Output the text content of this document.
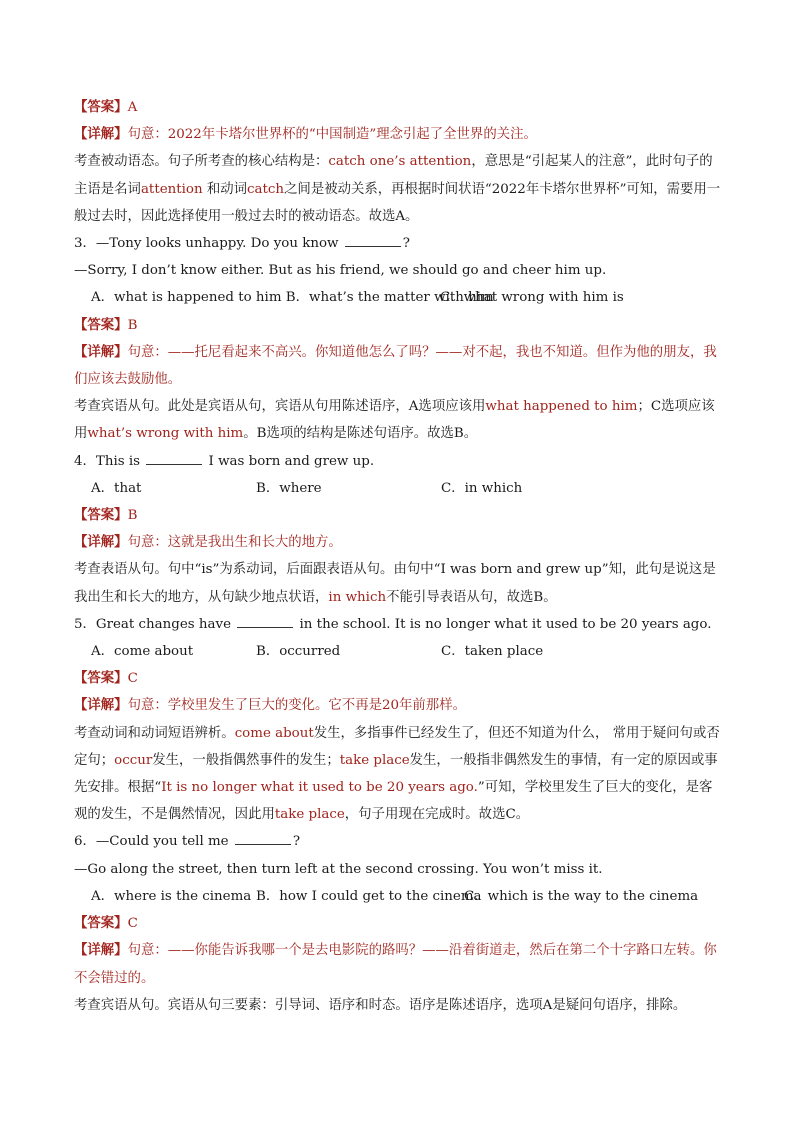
【答案】A
【详解】句意：2022年卡塔尔世界杯的“中国制造”理念引起了全世界的关注。
考查被动语态。句子所考查的核心结构是：catch one’s attention，意思是“引起某人的注意”，此时句子的主语是名词attention 和动词catch之间是被动关系，再根据时间状语“2022年卡塔尔世界杯”可知，需要用一般过去时，因此选择使用一般过去时的被动语态。故选A。
3．—Tony looks unhappy. Do you know	?
—Sorry, I don’t know either. But as his friend, we should go and cheer him up.
A．what is happened to him B．what’s the matter with him
C．what wrong with him is
【答案】B
【详解】句意：——托尼看起来不高兴。你知道他怎么了吗？——对不起，我也不知道。但作为他的朋友，我们应该去鼓励他。
考查宾语从句。此处是宾语从句，宾语从句用陈述语序，A选项应该用what happened to him；C选项应该用what’s wrong with him。B选项的结构是陈述句语序。故选B。
4．This is	I was born and grew up.
A．that	B．where	C．in which
【答案】B
【详解】句意：这就是我出生和长大的地方。
考查表语从句。句中“is”为系动词，后面跟表语从句。由句中“I was born and grew up”知，此句是说这是我出生和长大的地方，从句缺少地点状语，in which不能引导表语从句，故选B。
5．Great changes have	in the school. It is no longer what it used to be 20 years ago.
A．come about	B．occurred	C．taken place
【答案】C
【详解】句意：学校里发生了巨大的变化。它不再是20年前那样。
考查动词和动词短语辨析。come about发生，多指事件已经发生了，但还不知道为什么， 常用于疑问句或否定句；occur发生，一般指偶然事件的发生；take place发生，一般指非偶然发生的事情，有一定的原因或事先安排。根据“It is no longer what it used to be 20 years ago.”可知，学校里发生了巨大的变化，是客观的发生，不是偶然情况，因此用take place，句子用现在完成时。故选C。
6．—Could you tell me	?
—Go along the street, then turn left at the second crossing. You won’t miss it.
A．where is the cinema B．how I could get to the cinema
C．which is the way to the cinema
【答案】C
【详解】句意：——你能告诉我哪一个是去电影院的路吗？——沿着街道走，然后在第二个十字路口左转。你不会错过的。
考查宾语从句。宾语从句三要素：引导词、语序和时态。语序是陈述语序，选项A是疑问句语序，排除。
